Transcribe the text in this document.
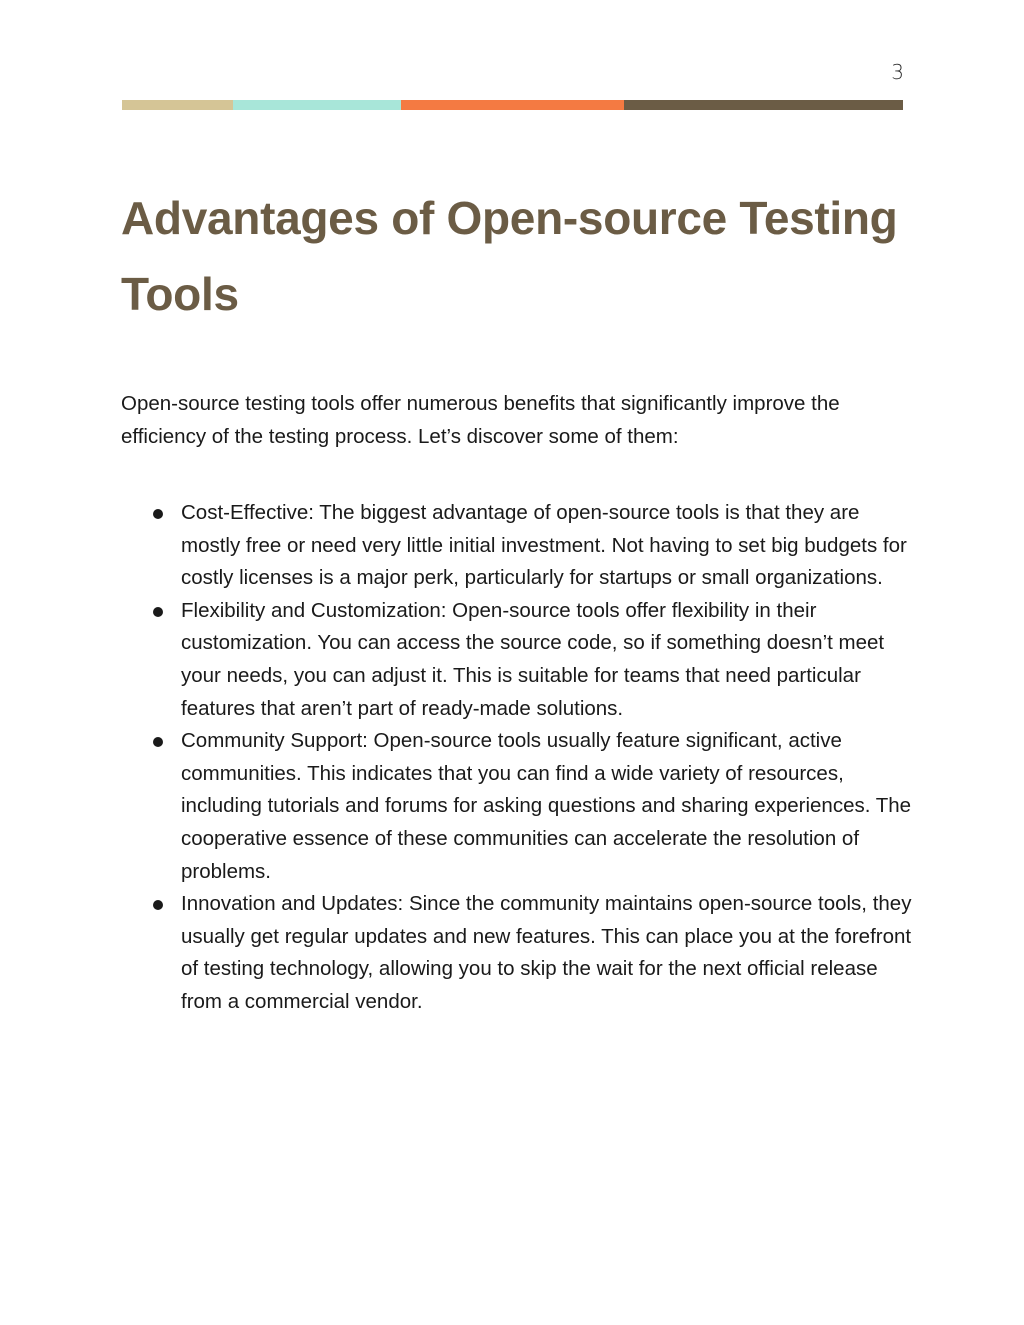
3
Advantages of Open-source Testing Tools

Open-source testing tools offer numerous benefits that significantly improve the efficiency of the testing process. Let’s discover some of them:

Cost-Effective: The biggest advantage of open-source tools is that they are mostly free or need very little initial investment. Not having to set big budgets for costly licenses is a major perk, particularly for startups or small organizations.
Flexibility and Customization: Open-source tools offer flexibility in their customization. You can access the source code, so if something doesn’t meet your needs, you can adjust it. This is suitable for teams that need particular features that aren’t part of ready-made solutions.
Community Support: Open-source tools usually feature significant, active communities. This indicates that you can find a wide variety of resources, including tutorials and forums for asking questions and sharing experiences. The cooperative essence of these communities can accelerate the resolution of problems.
Innovation and Updates: Since the community maintains open-source tools, they usually get regular updates and new features. This can place you at the forefront of testing technology, allowing you to skip the wait for the next official release from a commercial vendor.
